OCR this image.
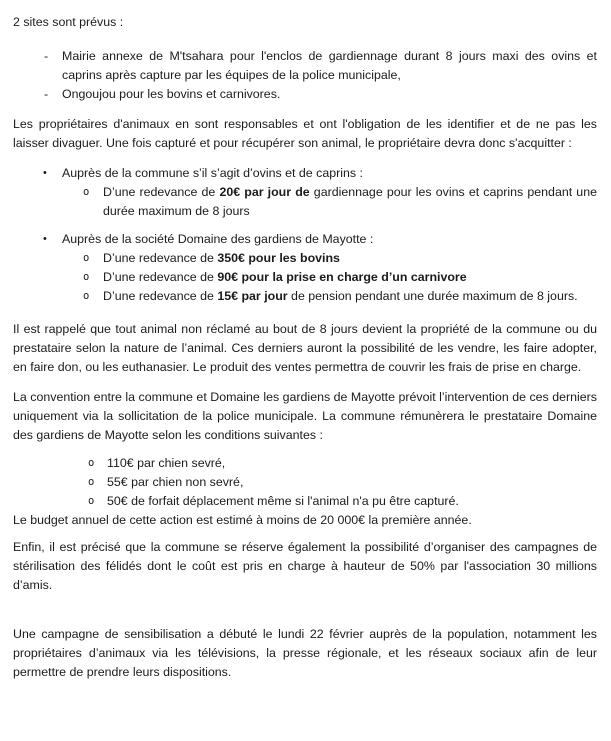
2 sites sont prévus :

- Mairie annexe de M'tsahara pour l'enclos de gardiennage durant 8 jours maxi des ovins et caprins après capture par les équipes de la police municipale,
- Ongoujou pour les bovins et carnivores.

Les propriétaires d'animaux en sont responsables et ont l'obligation de les identifier et de ne pas les laisser divaguer. Une fois capturé et pour récupérer son animal, le propriétaire devra donc s'acquitter :

• Auprès de la commune s’il s’agit d’ovins et de caprins :
o D’une redevance de 20€ par jour de gardiennage pour les ovins et caprins pendant une durée maximum de 8 jours
• Auprès de la société Domaine des gardiens de Mayotte :
o D’une redevance de 350€ pour les bovins
o D’une redevance de 90€ pour la prise en charge d’un carnivore
o D’une redevance de 15€ par jour de pension pendant une durée maximum de 8 jours.

Il est rappelé que tout animal non réclamé au bout de 8 jours devient la propriété de la commune ou du prestataire selon la nature de l’animal. Ces derniers auront la possibilité de les vendre, les faire adopter, en faire don, ou les euthanasier. Le produit des ventes permettra de couvrir les frais de prise en charge.

La convention entre la commune et Domaine les gardiens de Mayotte prévoit l’intervention de ces derniers uniquement via la sollicitation de la police municipale. La commune rémunèrera le prestataire Domaine des gardiens de Mayotte selon les conditions suivantes :

o 110€ par chien sevré,
o 55€ par chien non sevré,
o 50€ de forfait déplacement même si l'animal n'a pu être capturé.

Le budget annuel de cette action est estimé à moins de 20 000€ la première année.

Enfin, il est précisé que la commune se réserve également la possibilité d’organiser des campagnes de stérilisation des félidés dont le coût est pris en charge à hauteur de 50% par l'association 30 millions d’amis.

Une campagne de sensibilisation a débuté le lundi 22 février auprès de la population, notamment les propriétaires d’animaux via les télévisions, la presse régionale, et les réseaux sociaux afin de leur permettre de prendre leurs dispositions.
